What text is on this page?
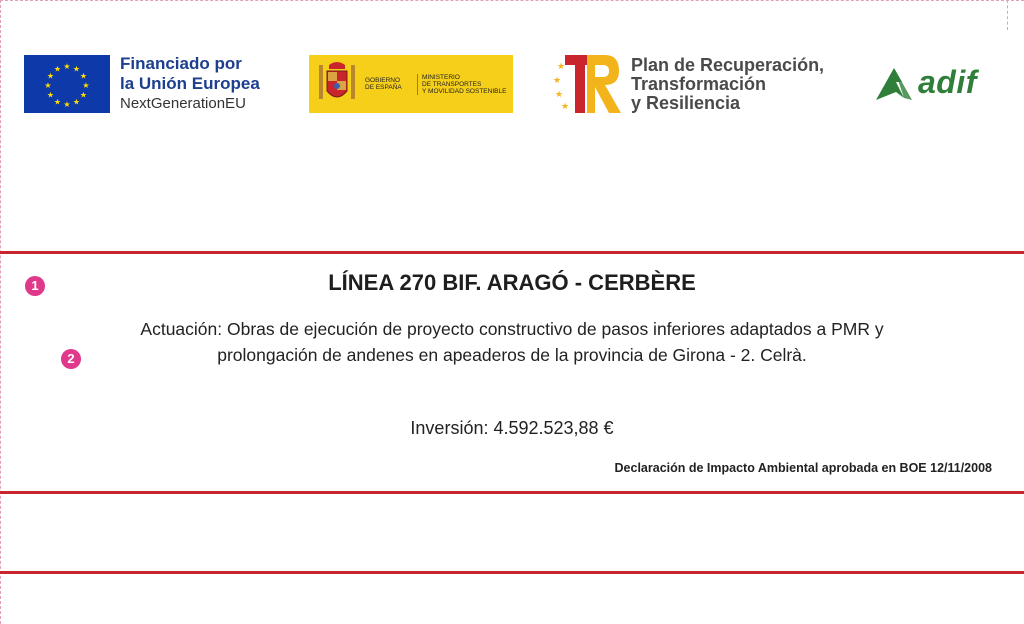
★ ★
★
★
★
★
★
★
★
★
★
★	Financiado por
la Unión Europea
NextGenerationEU
GOBIERNO
DE ESPAÑA
MINISTERIO
DE TRANSPORTES
Y MOVILIDAD SOSTENIBLE
★
★
★
★
Plan de Recuperación,
Transformación
y Resiliencia
adif
1
2
LÍNEA 270 BIF. ARAGÓ - CERBÈRE
Actuación: Obras de ejecución de proyecto constructivo de pasos inferiores adaptados a PMR y
prolongación de andenes en apeaderos de la provincia de Girona - 2. Celrà.
Inversión: 4.592.523,88 €
Declaración de Impacto Ambiental aprobada en BOE 12/11/2008
